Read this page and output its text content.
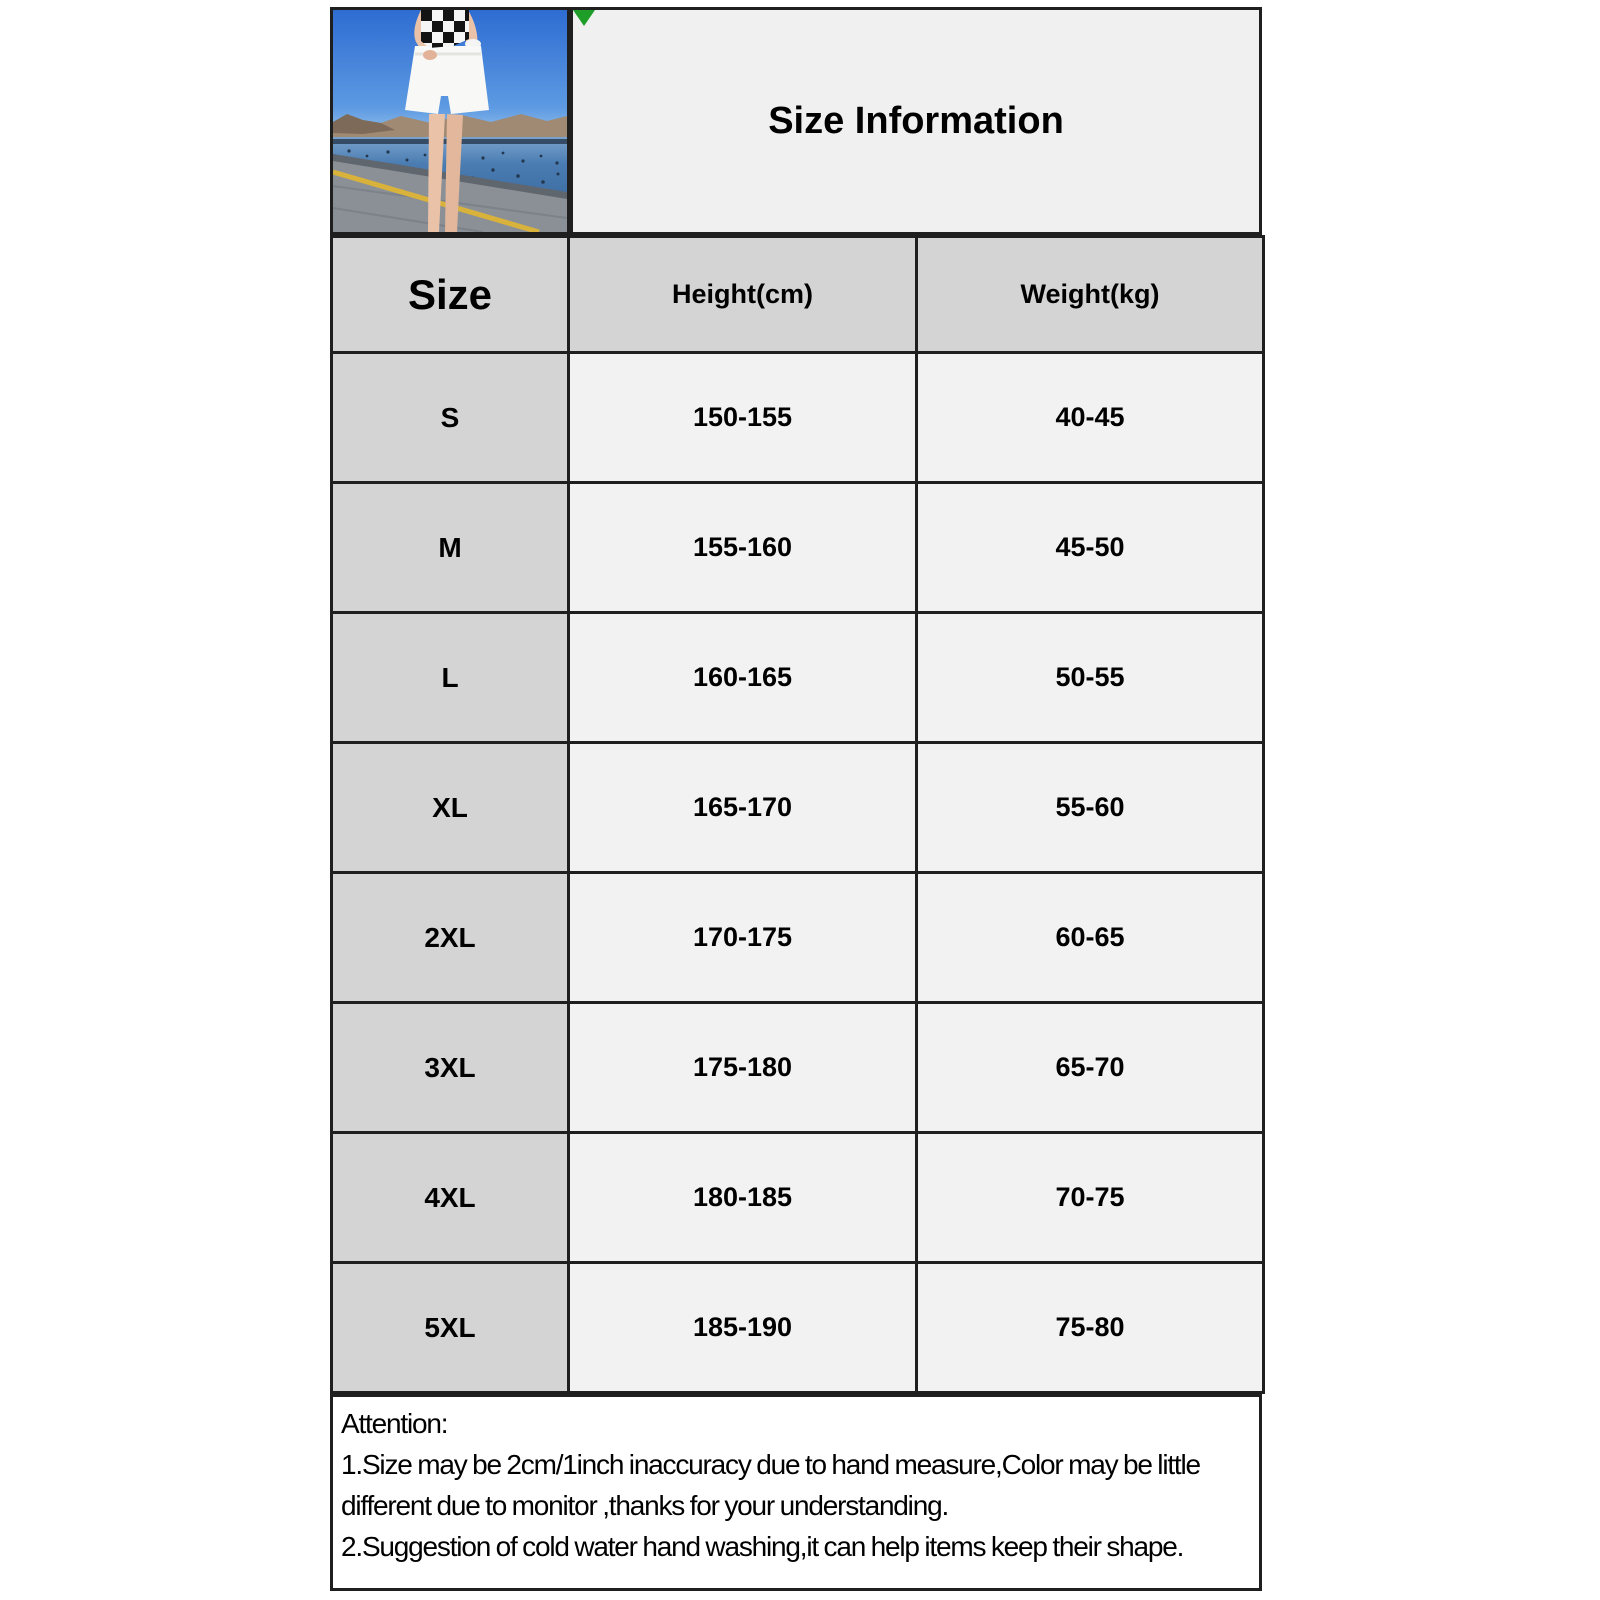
Size Information
Size	Height(cm)	Weight(kg)
S	150-155	40-45
M	155-160	45-50
L	160-165	50-55
XL	165-170	55-60
2XL	170-175	60-65
3XL	175-180	65-70
4XL	180-185	70-75
5XL	185-190	75-80
Attention:
1.Size may be 2cm/1inch inaccuracy due to hand measure,Color may be little different due to monitor ,thanks for your understanding.
2.Suggestion of cold water hand washing,it can help items keep their shape.
